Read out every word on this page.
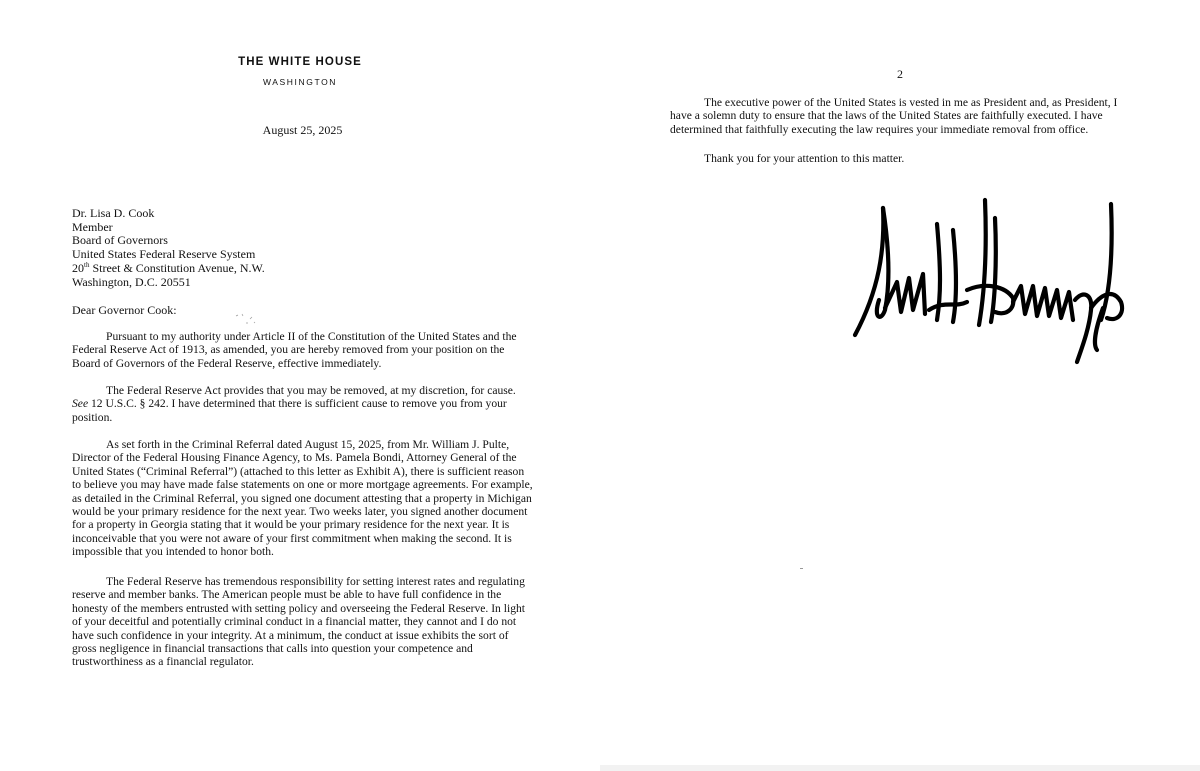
THE WHITE HOUSE
WASHINGTON
August 25, 2025
Dr. Lisa D. Cook
Member
Board of Governors
United States Federal Reserve System
20th Street & Constitution Avenue, N.W.
Washington, D.C. 20551
Dear Governor Cook:
Pursuant to my authority under Article II of the Constitution of the United States and the Federal Reserve Act of 1913, as amended, you are hereby removed from your position on the Board of Governors of the Federal Reserve, effective immediately.
The Federal Reserve Act provides that you may be removed, at my discretion, for cause.
See 12 U.S.C. § 242. I have determined that there is sufficient cause to remove you from your position.
As set forth in the Criminal Referral dated August 15, 2025, from Mr. William J. Pulte, Director of the Federal Housing Finance Agency, to Ms. Pamela Bondi, Attorney General of the United States (“Criminal Referral”) (attached to this letter as Exhibit A), there is sufficient reason to believe you may have made false statements on one or more mortgage agreements. For example, as detailed in the Criminal Referral, you signed one document attesting that a property in Michigan would be your primary residence for the next year. Two weeks later, you signed another document for a property in Georgia stating that it would be your primary residence for the next year. It is inconceivable that you were not aware of your first commitment when making the second. It is impossible that you intended to honor both.
The Federal Reserve has tremendous responsibility for setting interest rates and regulating reserve and member banks. The American people must be able to have full confidence in the honesty of the members entrusted with setting policy and overseeing the Federal Reserve. In light of your deceitful and potentially criminal conduct in a financial matter, they cannot and I do not have such confidence in your integrity. At a minimum, the conduct at issue exhibits the sort of gross negligence in financial transactions that calls into question your competence and trustworthiness as a financial regulator.
2
The executive power of the United States is vested in me as President and, as President, I have a solemn duty to ensure that the laws of the United States are faithfully executed. I have determined that faithfully executing the law requires your immediate removal from office.
Thank you for your attention to this matter.
